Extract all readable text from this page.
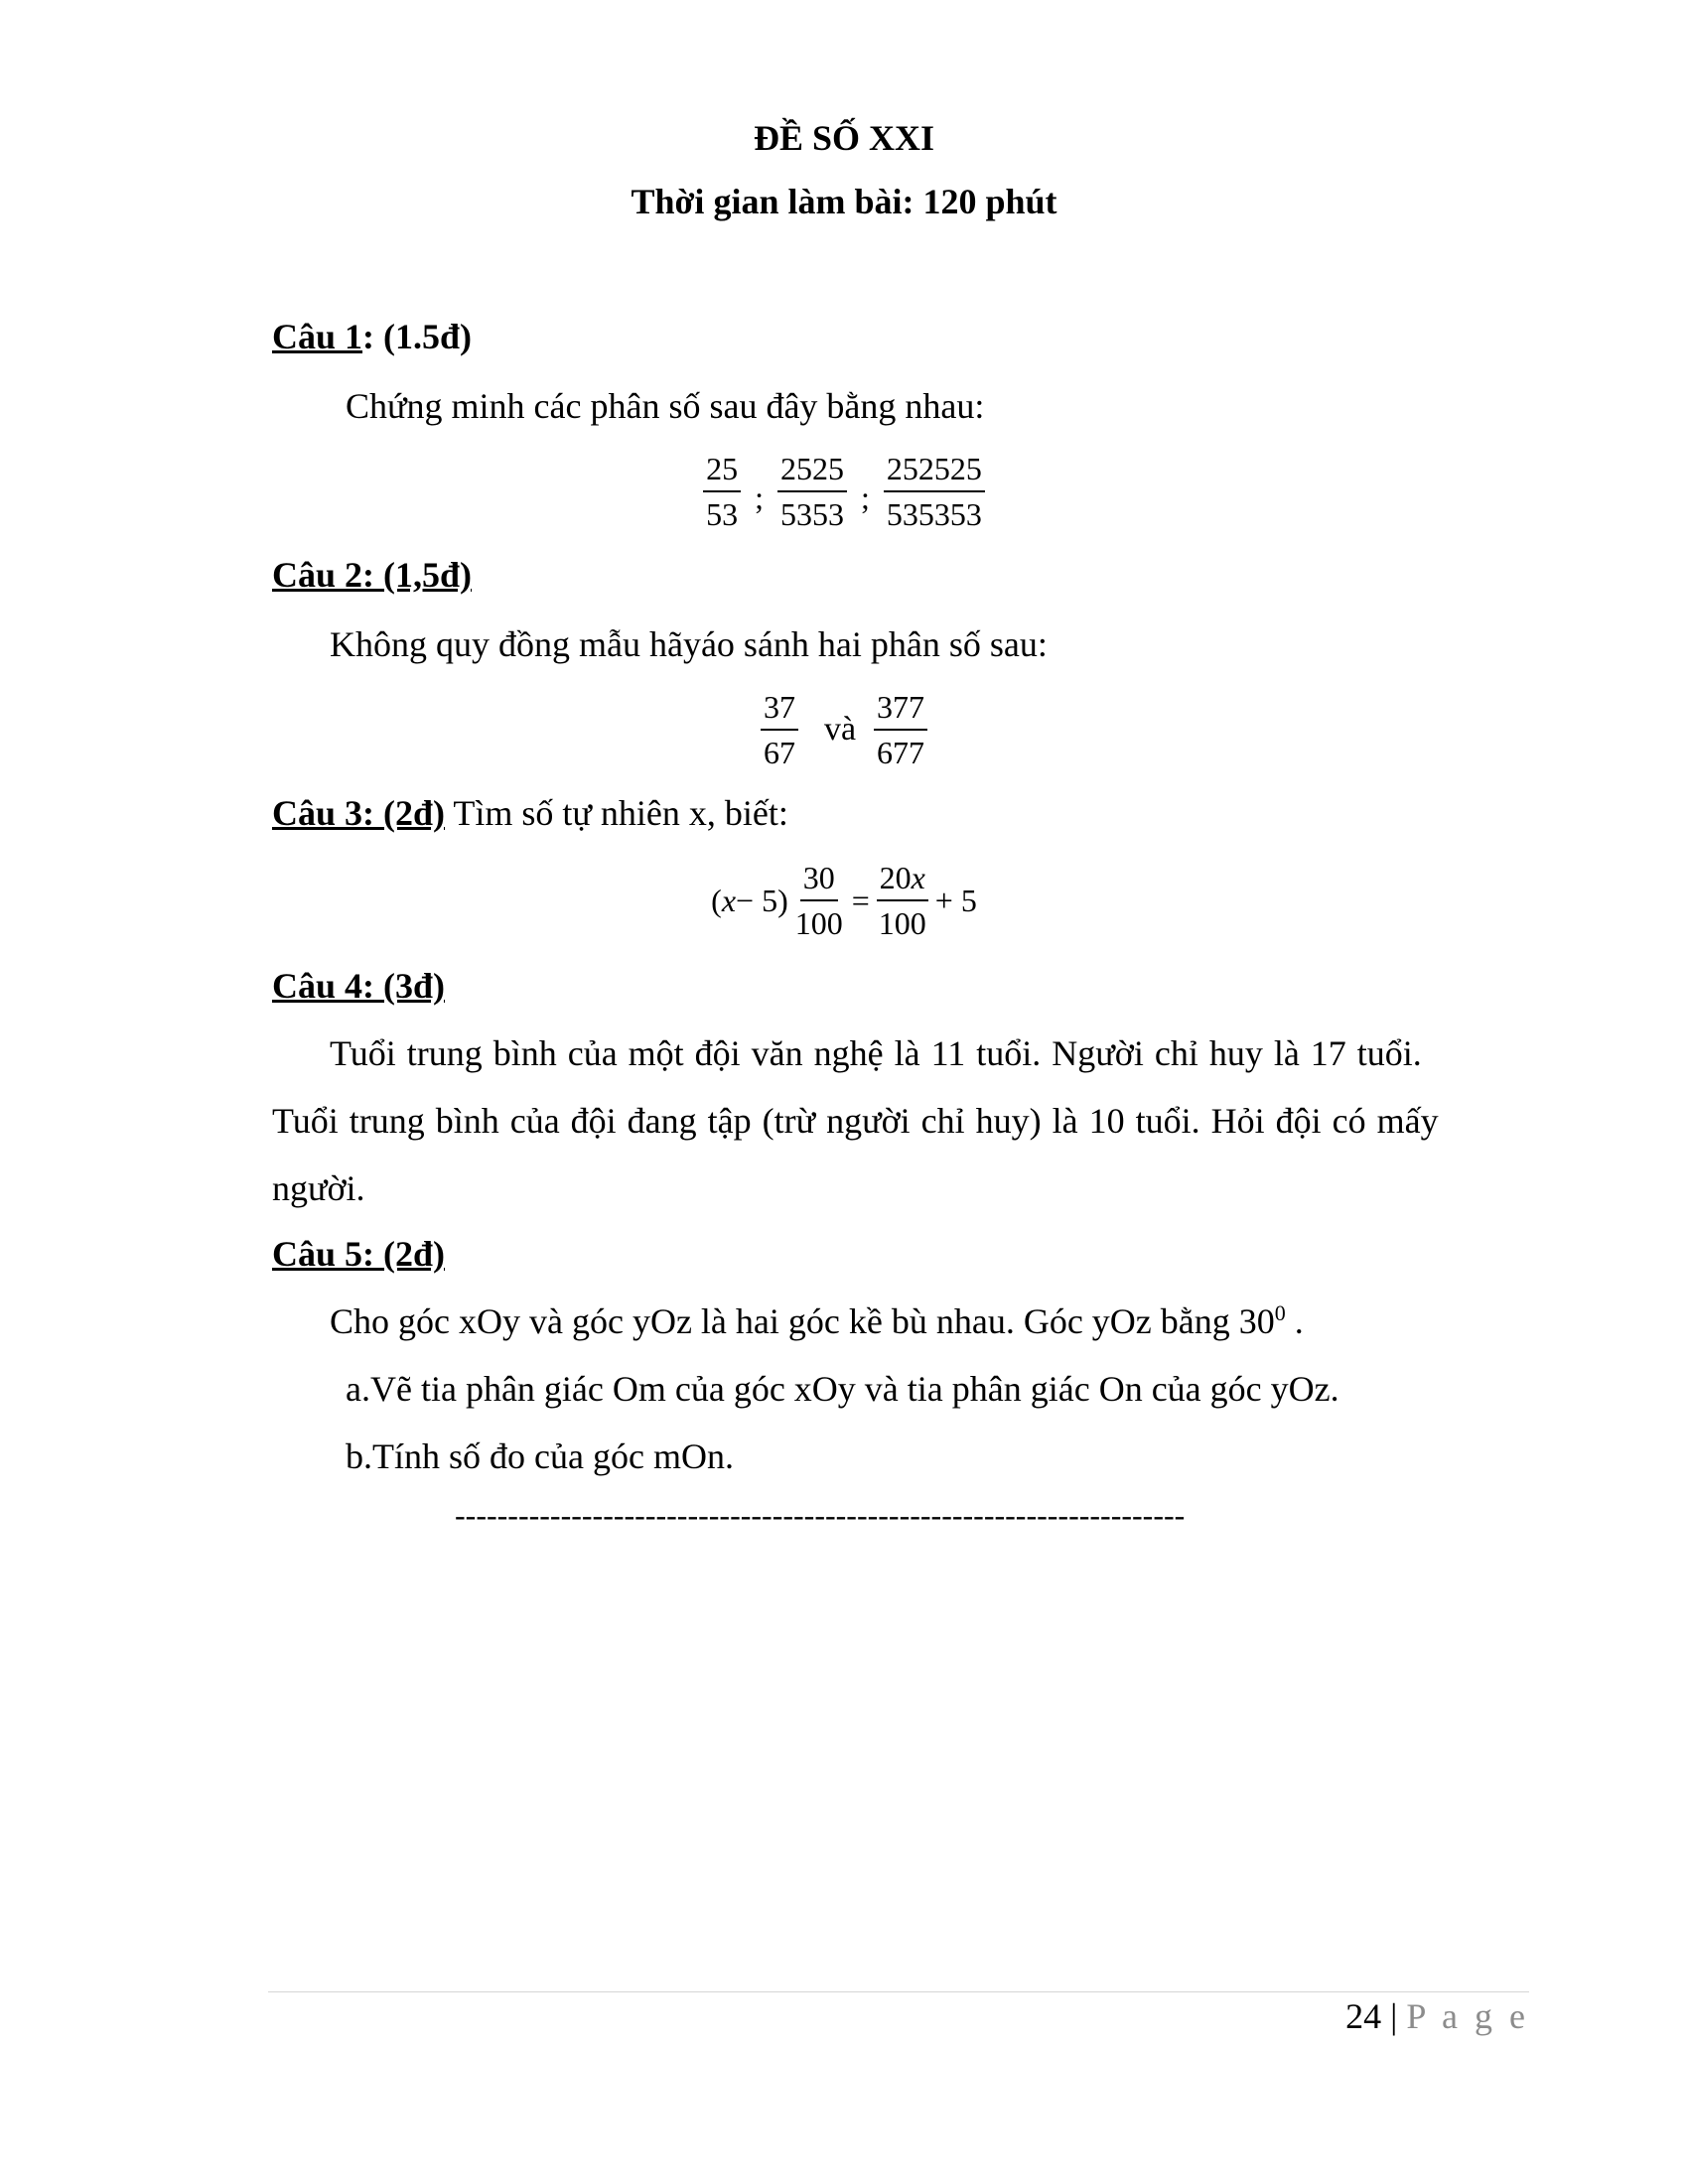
ĐỀ SỐ XXI
Thời gian làm bài: 120 phút
Câu 1: (1.5đ)
Chứng minh các phân số sau đây bằng nhau:
$\frac{25}{53}$ ; $\frac{2525}{5353}$ ; $\frac{252525}{535353}$
Câu 2: (1,5đ)
Không quy đồng mẫu hãyáo sánh hai phân số sau:
$\frac{37}{67}$ và $\frac{377}{677}$
Câu 3: (2đ) Tìm số tự nhiên x, biết:
( $x - 5) \frac{30}{100} = \frac{20x}{100} + 5$
Câu 4: (3đ)
Tuổi trung bình của một đội văn nghệ là 11 tuổi. Người chỉ huy là 17 tuổi.
Tuổi trung bình của đội đang tập (trừ người chỉ huy) là 10 tuổi. Hỏi đội có mấy
người.
Câu 5: (2đ)
Cho góc xOy và góc yOz là hai góc kề bù nhau. Góc yOz bằng $30^0$ .
a.Vẽ tia phân giác Om của góc xOy và tia phân giác On của góc yOz.
b.Tính số đo của góc mOn.
---------------------------------------------------------------------
24 | P a g e
